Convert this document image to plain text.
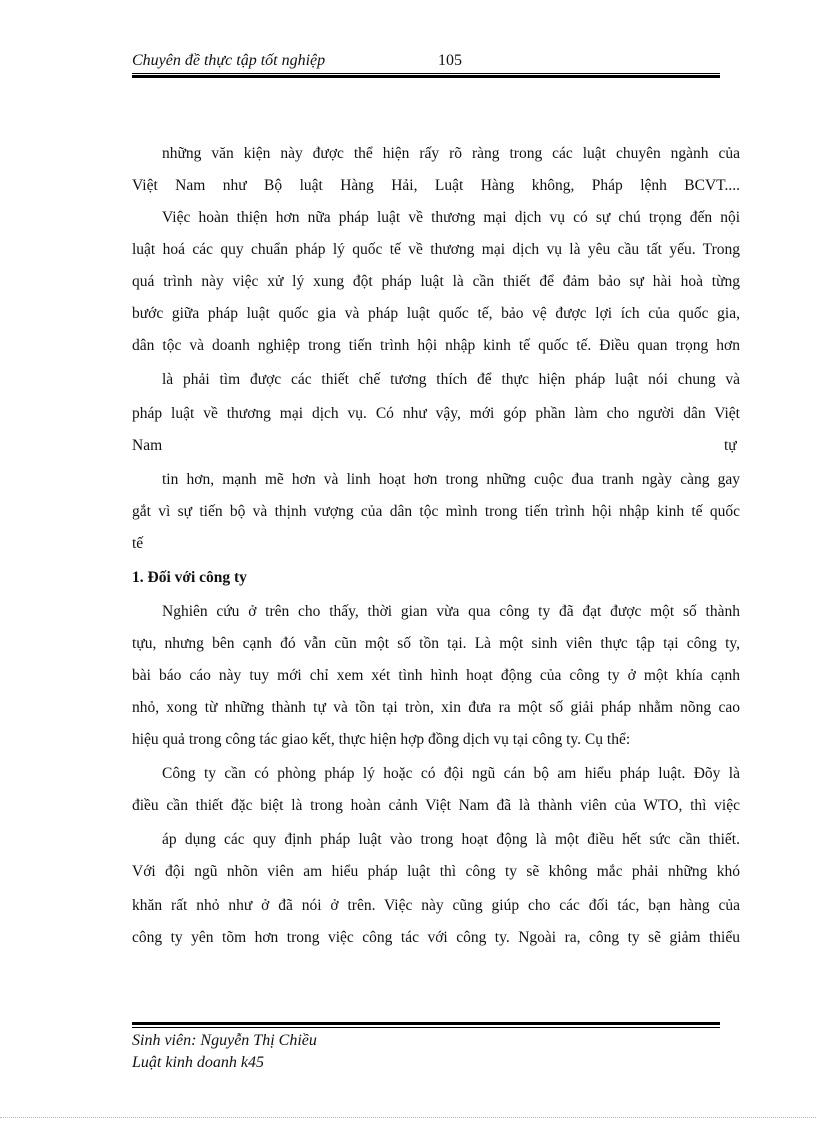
Chuyên đề thực tập tốt nghiệp	105
những văn kiện này được thể hiện rấy rõ ràng trong các luật chuyên ngành của
Việt Nam như Bộ luật Hàng Hải, Luật Hàng không, Pháp lệnh BCVT....
Việc hoàn thiện hơn nữa pháp luật về thương mại dịch vụ có sự chú trọng đến nội
luật hoá các quy chuẩn pháp lý quốc tế về thương mại dịch vụ là yêu cầu tất yếu. Trong
quá trình này việc xử lý xung đột pháp luật là cần thiết để đảm bảo sự hài hoà từng
bước giữa pháp luật quốc gia và pháp luật quốc tế, bảo vệ được lợi ích của quốc gia,
dân tộc và doanh nghiệp trong tiến trình hội nhập kinh tế quốc tế. Điều quan trọng hơn
là phải tìm được các thiết chế tương thích để thực hiện pháp luật nói chung và
pháp luật về thương mại dịch vụ. Có như vậy, mới góp phần làm cho người dân Việt
Nam	tự
tin hơn, mạnh mẽ hơn và linh hoạt hơn trong những cuộc đua tranh ngày càng gay
gắt vì sự tiến bộ và thịnh vượng của dân tộc mình trong tiến trình hội nhập kinh tế quốc
tế
1. Đối với công ty
Nghiên cứu ở trên cho thấy, thời gian vừa qua công ty đã đạt được một số thành
tựu, nhưng bên cạnh đó vẫn cũn một số tồn tại. Là một sinh viên thực tập tại công ty,
bài báo cáo này tuy mới chỉ xem xét tình hình hoạt động của công ty ở một khía cạnh
nhỏ, xong từ những thành tự và tồn tại tròn, xin đưa ra một số giải pháp nhằm nõng cao
hiệu quả trong công tác giao kết, thực hiện hợp đồng dịch vụ tại công ty. Cụ thể:
Công ty cần có phòng pháp lý hoặc có đội ngũ cán bộ am hiểu pháp luật. Đõy là
điều cần thiết đặc biệt là trong hoàn cảnh Việt Nam đã là thành viên của WTO, thì việc
áp dụng các quy định pháp luật vào trong hoạt động là một điều hết sức cần thiết.
Với đội ngũ nhõn viên am hiểu pháp luật thì công ty sẽ không mắc phải những khó
khăn rất nhỏ như ở đã nói ở trên. Việc này cũng giúp cho các đối tác, bạn hàng của
công ty yên tõm hơn trong việc công tác với công ty. Ngoài ra, công ty sẽ giảm thiểu
Sinh viên: Nguyễn Thị Chiều
Luật kinh doanh k45
